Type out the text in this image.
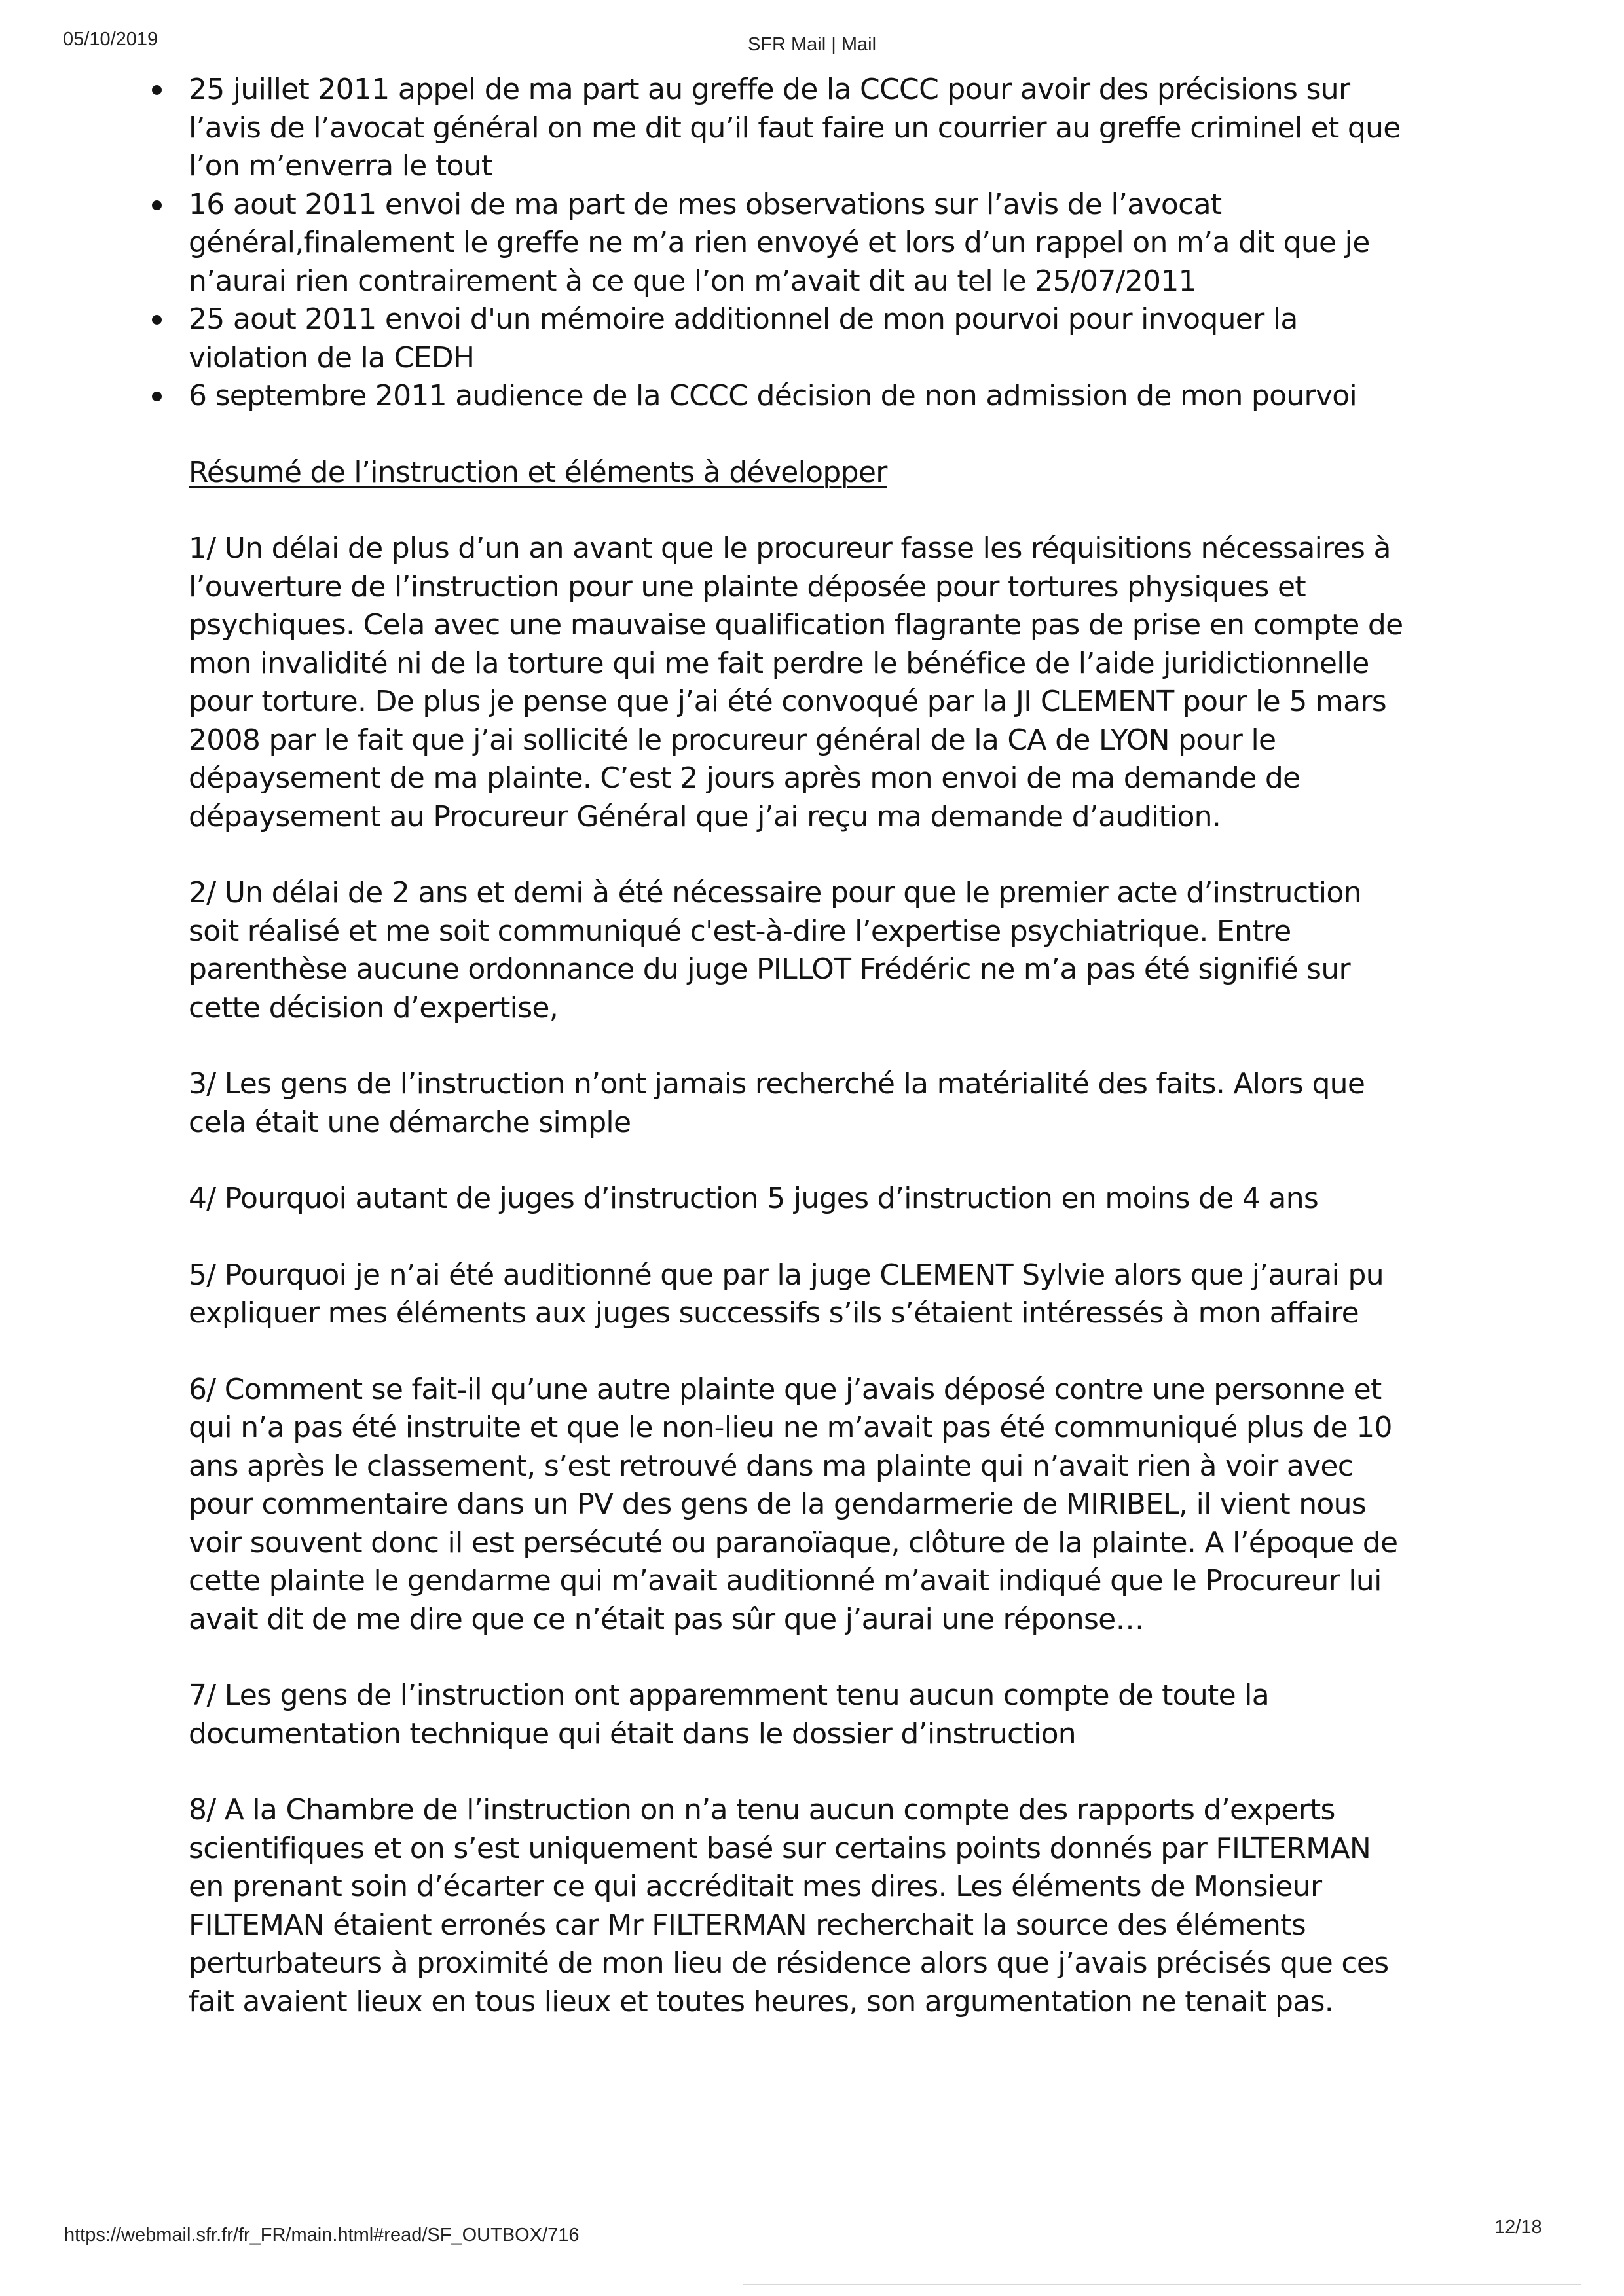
05/10/2019	SFR Mail | Mail
25 juillet 2011 appel de ma part au greffe de la CCCC pour avoir des précisions sur l’avis de l’avocat général on me dit qu’il faut faire un courrier au greffe criminel et que l’on m’enverra le tout
16 aout 2011 envoi de ma part de mes observations sur l’avis de l’avocat général,finalement le greffe ne m’a rien envoyé et lors d’un rappel on m’a dit que je n’aurai rien contrairement à ce que l’on m’avait dit au tel le 25/07/2011
25 aout 2011 envoi d'un mémoire additionnel de mon pourvoi pour invoquer la violation de la CEDH
6 septembre 2011 audience de la CCCC décision de non admission de mon pourvoi
Résumé de l’instruction et éléments à développer
1/ Un délai de plus d’un an avant que le procureur fasse les réquisitions nécessaires à l’ouverture de l’instruction pour une plainte déposée pour tortures physiques et psychiques. Cela avec une mauvaise qualification flagrante pas de prise en compte de mon invalidité ni de la torture qui me fait perdre le bénéfice de l’aide juridictionnelle pour torture. De plus je pense que j’ai été convoqué par la JI CLEMENT pour le 5 mars 2008 par le fait que j’ai sollicité le procureur général de la CA de LYON pour le dépaysement de ma plainte. C’est 2 jours après mon envoi de ma demande de dépaysement au Procureur Général que j’ai reçu ma demande d’audition.
2/ Un délai de 2 ans et demi à été nécessaire pour que le premier acte d’instruction soit réalisé et me soit communiqué c'est-à-dire l’expertise psychiatrique. Entre parenthèse aucune ordonnance du juge PILLOT Frédéric ne m’a pas été signifié sur cette décision d’expertise,
3/ Les gens de l’instruction n’ont jamais recherché la matérialité des faits. Alors que cela était une démarche simple
4/ Pourquoi autant de juges d’instruction 5 juges d’instruction en moins de 4 ans
5/ Pourquoi je n’ai été auditionné que par la juge CLEMENT Sylvie alors que j’aurai pu expliquer mes éléments aux juges successifs s’ils s’étaient intéressés à mon affaire
6/ Comment se fait-il qu’une autre plainte que j’avais déposé contre une personne et qui n’a pas été instruite et que le non-lieu ne m’avait pas été communiqué plus de 10 ans après le classement, s’est retrouvé dans ma plainte qui n’avait rien à voir avec pour commentaire dans un PV des gens de la gendarmerie de MIRIBEL, il vient nous voir souvent donc il est persécuté ou paranoïaque, clôture de la plainte. A l’époque de cette plainte le gendarme qui m’avait auditionné m’avait indiqué que le Procureur lui avait dit de me dire que ce n’était pas sûr que j’aurai une réponse…
7/ Les gens de l’instruction ont apparemment tenu aucun compte de toute la documentation technique qui était dans le dossier d’instruction
8/ A la Chambre de l’instruction on n’a tenu aucun compte des rapports d’experts scientifiques et on s’est uniquement basé sur certains points donnés par FILTERMAN en prenant soin d’écarter ce qui accréditait mes dires. Les éléments de Monsieur FILTEMAN étaient erronés car Mr FILTERMAN recherchait la source des éléments perturbateurs à proximité de mon lieu de résidence alors que j’avais précisés que ces fait avaient lieux en tous lieux et toutes heures, son argumentation ne tenait pas.
https://webmail.sfr.fr/fr_FR/main.html#read/SF_OUTBOX/716	12/18
